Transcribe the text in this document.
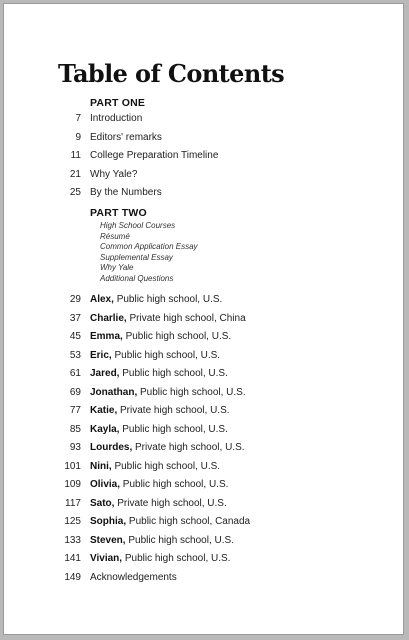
Table of Contents
PART ONE
7 Introduction
9 Editors' remarks
11 College Preparation Timeline
21 Why Yale?
25 By the Numbers
PART TWO
High School Courses
Résumé
Common Application Essay
Supplemental Essay
Why Yale
Additional Questions
29 Alex, Public high school, U.S.
37 Charlie, Private high school, China
45 Emma, Public high school, U.S.
53 Eric, Public high school, U.S.
61 Jared, Public high school, U.S.
69 Jonathan, Public high school, U.S.
77 Katie, Private high school, U.S.
85 Kayla, Public high school, U.S.
93 Lourdes, Private high school, U.S.
101 Nini, Public high school, U.S.
109 Olivia, Public high school, U.S.
117 Sato, Private high school, U.S.
125 Sophia, Public high school, Canada
133 Steven, Public high school, U.S.
141 Vivian, Public high school, U.S.
149 Acknowledgements
